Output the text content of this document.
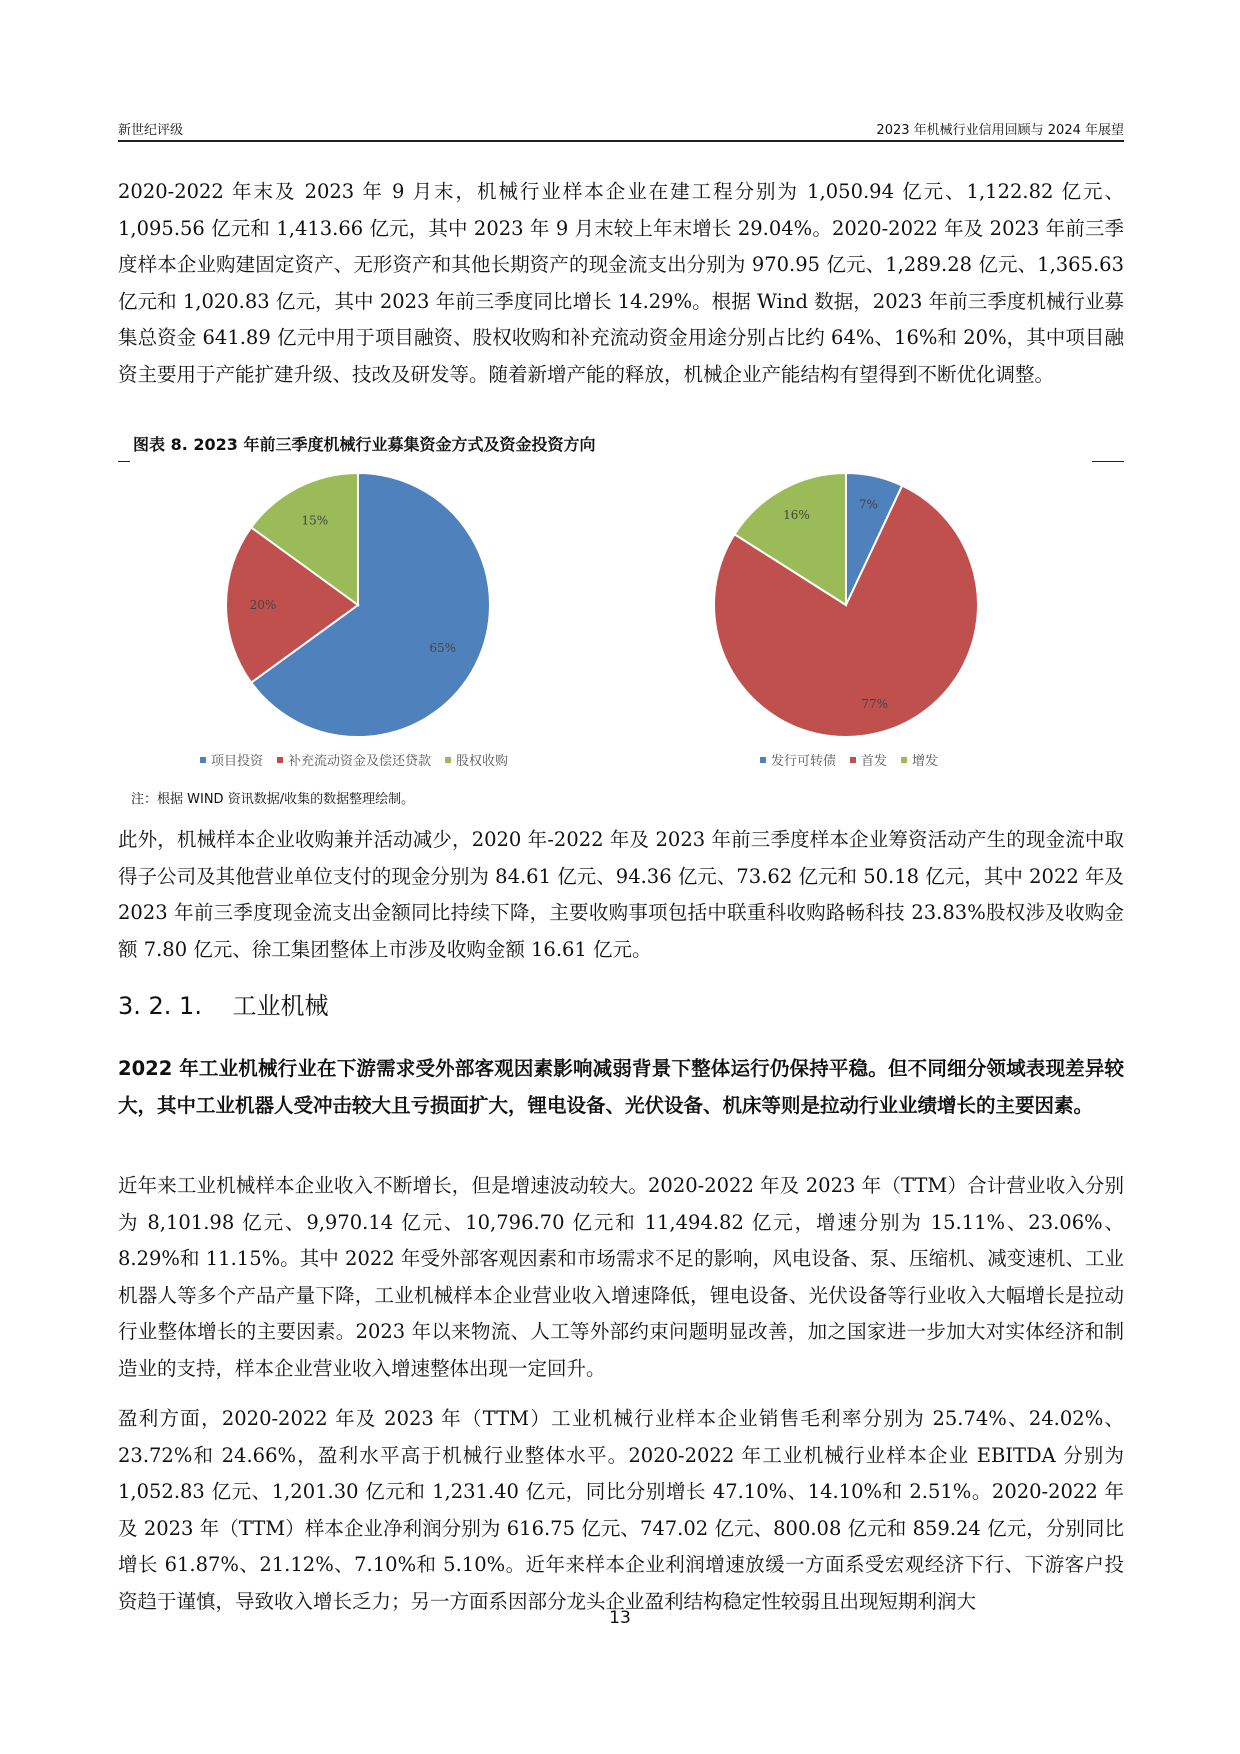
新世纪评级	2023 年机械行业信用回顾与 2024 年展望
2020-2022 年末及 2023 年 9 月末，机械行业样本企业在建工程分别为 1,050.94 亿元、1,122.82 亿元、1,095.56 亿元和 1,413.66 亿元，其中 2023 年 9 月末较上年末增长 29.04%。2020-2022 年及 2023 年前三季度样本企业购建固定资产、无形资产和其他长期资产的现金流支出分别为 970.95 亿元、1,289.28 亿元、1,365.63 亿元和 1,020.83 亿元，其中 2023 年前三季度同比增长 14.29%。根据 Wind 数据，2023 年前三季度机械行业募集总资金 641.89 亿元中用于项目融资、股权收购和补充流动资金用途分别占比约 64%、16%和 20%，其中项目融资主要用于产能扩建升级、技改及研发等。随着新增产能的释放，机械企业产能结构有望得到不断优化调整。
图表 8. 2023 年前三季度机械行业募集资金方式及资金投资方向
65%
20%
15%
7%
77%
16%
项目投资 补充流动资金及偿还贷款 股权收购	发行可转债 首发 增发
注：根据 WIND 资讯数据/收集的数据整理绘制。
此外，机械样本企业收购兼并活动减少，2020 年-2022 年及 2023 年前三季度样本企业筹资活动产生的现金流中取得子公司及其他营业单位支付的现金分别为 84.61 亿元、94.36 亿元、73.62 亿元和 50.18 亿元，其中 2022 年及 2023 年前三季度现金流支出金额同比持续下降，主要收购事项包括中联重科收购路畅科技 23.83%股权涉及收购金额 7.80 亿元、徐工集团整体上市涉及收购金额 16.61 亿元。
3. 2. 1.    工业机械
2022 年工业机械行业在下游需求受外部客观因素影响减弱背景下整体运行仍保持平稳。但不同细分领域表现差异较大，其中工业机器人受冲击较大且亏损面扩大，锂电设备、光伏设备、机床等则是拉动行业业绩增长的主要因素。
近年来工业机械样本企业收入不断增长，但是增速波动较大。2020-2022 年及 2023 年（TTM）合计营业收入分别为 8,101.98 亿元、9,970.14 亿元、10,796.70 亿元和 11,494.82 亿元，增速分别为 15.11%、23.06%、8.29%和 11.15%。其中 2022 年受外部客观因素和市场需求不足的影响，风电设备、泵、压缩机、减变速机、工业机器人等多个产品产量下降，工业机械样本企业营业收入增速降低，锂电设备、光伏设备等行业收入大幅增长是拉动行业整体增长的主要因素。2023 年以来物流、人工等外部约束问题明显改善，加之国家进一步加大对实体经济和制造业的支持，样本企业营业收入增速整体出现一定回升。
盈利方面，2020-2022 年及 2023 年（TTM）工业机械行业样本企业销售毛利率分别为 25.74%、24.02%、23.72%和 24.66%，盈利水平高于机械行业整体水平。2020-2022 年工业机械行业样本企业 EBITDA 分别为 1,052.83 亿元、1,201.30 亿元和 1,231.40 亿元，同比分别增长 47.10%、14.10%和 2.51%。2020-2022 年及 2023 年（TTM）样本企业净利润分别为 616.75 亿元、747.02 亿元、800.08 亿元和 859.24 亿元，分别同比增长 61.87%、21.12%、7.10%和 5.10%。近年来样本企业利润增速放缓一方面系受宏观经济下行、下游客户投资趋于谨慎，导致收入增长乏力；另一方面系因部分龙头企业盈利结构稳定性较弱且出现短期利润大
13
